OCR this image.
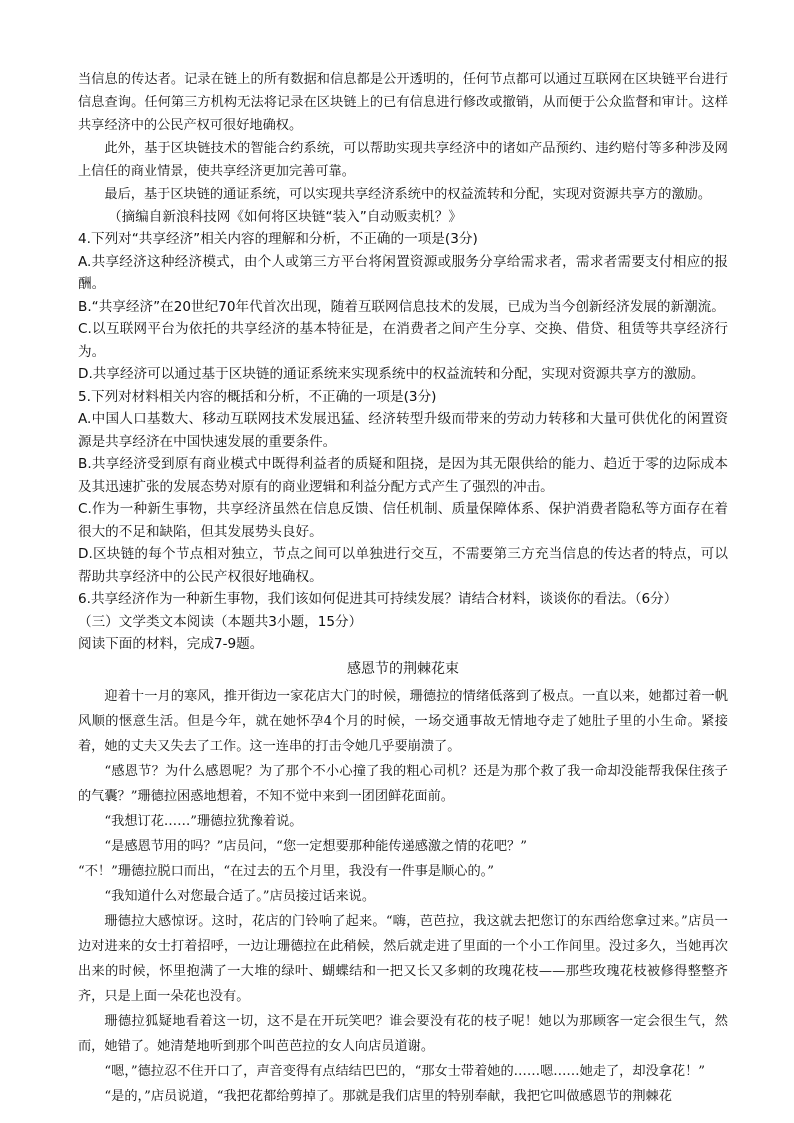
当信息的传达者。记录在链上的所有数据和信息都是公开透明的，任何节点都可以通过互联网在区块链平台进行信息查询。任何第三方机构无法将记录在区块链上的已有信息进行修改或撤销，从而便于公众监督和审计。这样共享经济中的公民产权可很好地确权。

此外，基于区块链技术的智能合约系统，可以帮助实现共享经济中的诸如产品预约、违约赔付等多种涉及网上信任的商业情景，使共享经济更加完善可靠。

最后，基于区块链的通证系统，可以实现共享经济系统中的权益流转和分配，实现对资源共享方的激励。

（摘编自新浪科技网《如何将区块链“装入”自动贩卖机？》

4.下列对“共享经济”相关内容的理解和分析，不正确的一项是(3分)

A.共享经济这种经济模式，由个人或第三方平台将闲置资源或服务分享给需求者，需求者需要支付相应的报酬。

B.“共享经济”在20世纪70年代首次出现，随着互联网信息技术的发展，已成为当今创新经济发展的新潮流。

C.以互联网平台为依托的共享经济的基本特征是，在消费者之间产生分享、交换、借贷、租赁等共享经济行为。

D.共享经济可以通过基于区块链的通证系统来实现系统中的权益流转和分配，实现对资源共享方的激励。

5.下列对材料相关内容的概括和分析，不正确的一项是(3分)

A.中国人口基数大、移动互联网技术发展迅猛、经济转型升级而带来的劳动力转移和大量可供优化的闲置资源是共享经济在中国快速发展的重要条件。

B.共享经济受到原有商业模式中既得利益者的质疑和阻挠，是因为其无限供给的能力、趋近于零的边际成本及其迅速扩张的发展态势对原有的商业逻辑和利益分配方式产生了强烈的冲击。

C.作为一种新生事物，共享经济虽然在信息反馈、信任机制、质量保障体系、保护消费者隐私等方面存在着很大的不足和缺陷，但其发展势头良好。

D.区块链的每个节点相对独立，节点之间可以单独进行交互，不需要第三方充当信息的传达者的特点，可以帮助共享经济中的公民产权很好地确权。

6.共享经济作为一种新生事物，我们该如何促进其可持续发展？请结合材料，谈谈你的看法。（6分）

（三）文学类文本阅读（本题共3小题，15分）

阅读下面的材料，完成7-9题。

感恩节的荆棘花束

迎着十一月的寒风，推开街边一家花店大门的时候，珊德拉的情绪低落到了极点。一直以来，她都过着一帆风顺的惬意生活。但是今年，就在她怀孕4个月的时候，一场交通事故无情地夺走了她肚子里的小生命。紧接着，她的丈夫又失去了工作。这一连串的打击令她几乎要崩溃了。

“感恩节？为什么感恩呢？为了那个不小心撞了我的粗心司机？还是为那个救了我一命却没能帮我保住孩子的气囊？”珊德拉困惑地想着，不知不觉中来到一团团鲜花面前。

“我想订花……”珊德拉犹豫着说。

“是感恩节用的吗？”店员问，“您一定想要那种能传递感激之情的花吧？”

“不！”珊德拉脱口而出，“在过去的五个月里，我没有一件事是顺心的。”

“我知道什么对您最合适了。”店员接过话来说。

珊德拉大感惊讶。这时，花店的门铃响了起来。“嗨，芭芭拉，我这就去把您订的东西给您拿过来。”店员一边对进来的女士打着招呼，一边让珊德拉在此稍候，然后就走进了里面的一个小工作间里。没过多久，当她再次出来的时候，怀里抱满了一大堆的绿叶、蝴蝶结和一把又长又多刺的玫瑰花枝——那些玫瑰花枝被修得整整齐齐，只是上面一朵花也没有。

珊德拉狐疑地看着这一切，这不是在开玩笑吧？谁会要没有花的枝子呢！她以为那顾客一定会很生气，然而，她错了。她清楚地听到那个叫芭芭拉的女人向店员道谢。

“嗯，”德拉忍不住开口了，声音变得有点结结巴巴的，“那女士带着她的……嗯……她走了，却没拿花！”

“是的，”店员说道，“我把花都给剪掉了。那就是我们店里的特别奉献，我把它叫做感恩节的荆棘花
